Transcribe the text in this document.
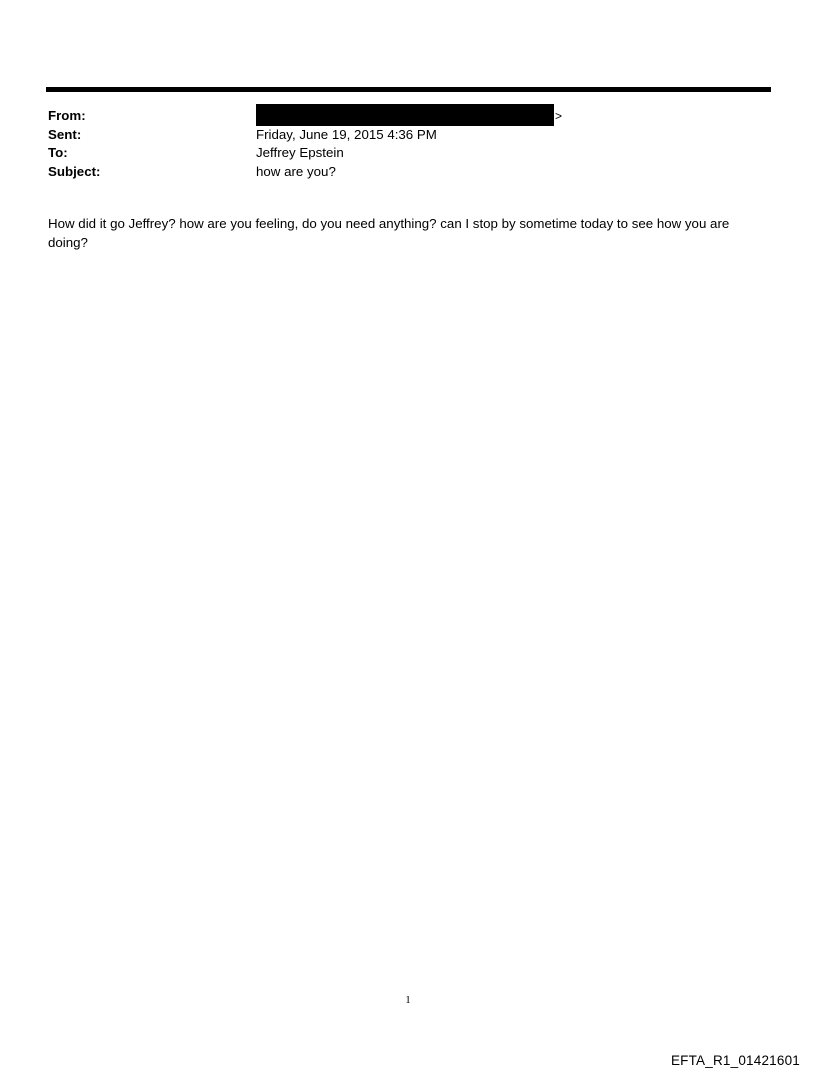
From:	>
Sent:	Friday, June 19, 2015 4:36 PM
To:	Jeffrey Epstein
Subject:	how are you?
How did it go Jeffrey? how are you feeling, do you need anything? can I stop by sometime today to see how you are doing?
1
EFTA_R1_01421601
